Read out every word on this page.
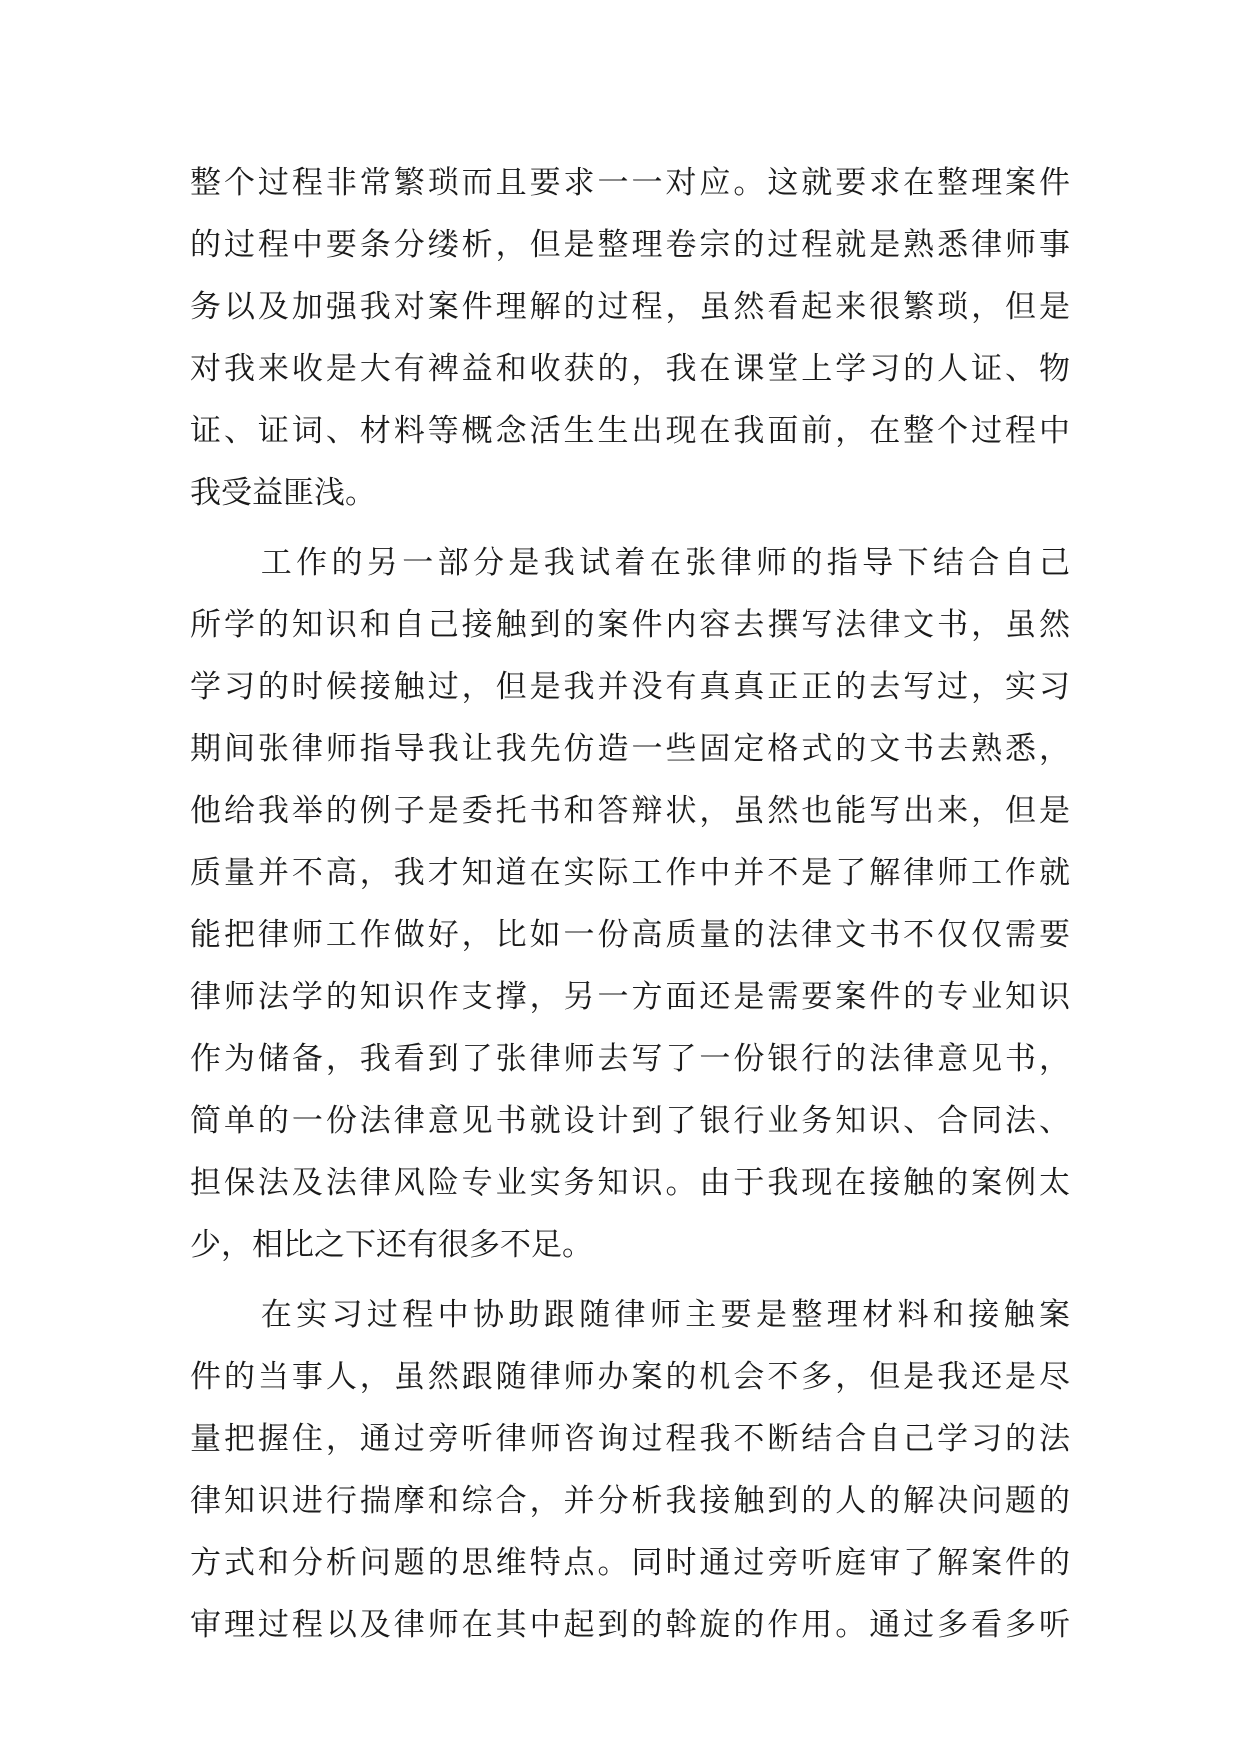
整个过程非常繁琐而且要求一一对应。这就要求在整理案件
的过程中要条分缕析，但是整理卷宗的过程就是熟悉律师事
务以及加强我对案件理解的过程，虽然看起来很繁琐，但是
对我来收是大有裨益和收获的，我在课堂上学习的人证、物
证、证词、材料等概念活生生出现在我面前，在整个过程中
我受益匪浅。
　　工作的另一部分是我试着在张律师的指导下结合自己
所学的知识和自己接触到的案件内容去撰写法律文书，虽然
学习的时候接触过，但是我并没有真真正正的去写过，实习
期间张律师指导我让我先仿造一些固定格式的文书去熟悉，
他给我举的例子是委托书和答辩状，虽然也能写出来，但是
质量并不高，我才知道在实际工作中并不是了解律师工作就
能把律师工作做好，比如一份高质量的法律文书不仅仅需要
律师法学的知识作支撑，另一方面还是需要案件的专业知识
作为储备，我看到了张律师去写了一份银行的法律意见书，
简单的一份法律意见书就设计到了银行业务知识、合同法、
担保法及法律风险专业实务知识。由于我现在接触的案例太
少，相比之下还有很多不足。
　　在实习过程中协助跟随律师主要是整理材料和接触案
件的当事人，虽然跟随律师办案的机会不多，但是我还是尽
量把握住，通过旁听律师咨询过程我不断结合自己学习的法
律知识进行揣摩和综合，并分析我接触到的人的解决问题的
方式和分析问题的思维特点。同时通过旁听庭审了解案件的
审理过程以及律师在其中起到的斡旋的作用。通过多看多听
